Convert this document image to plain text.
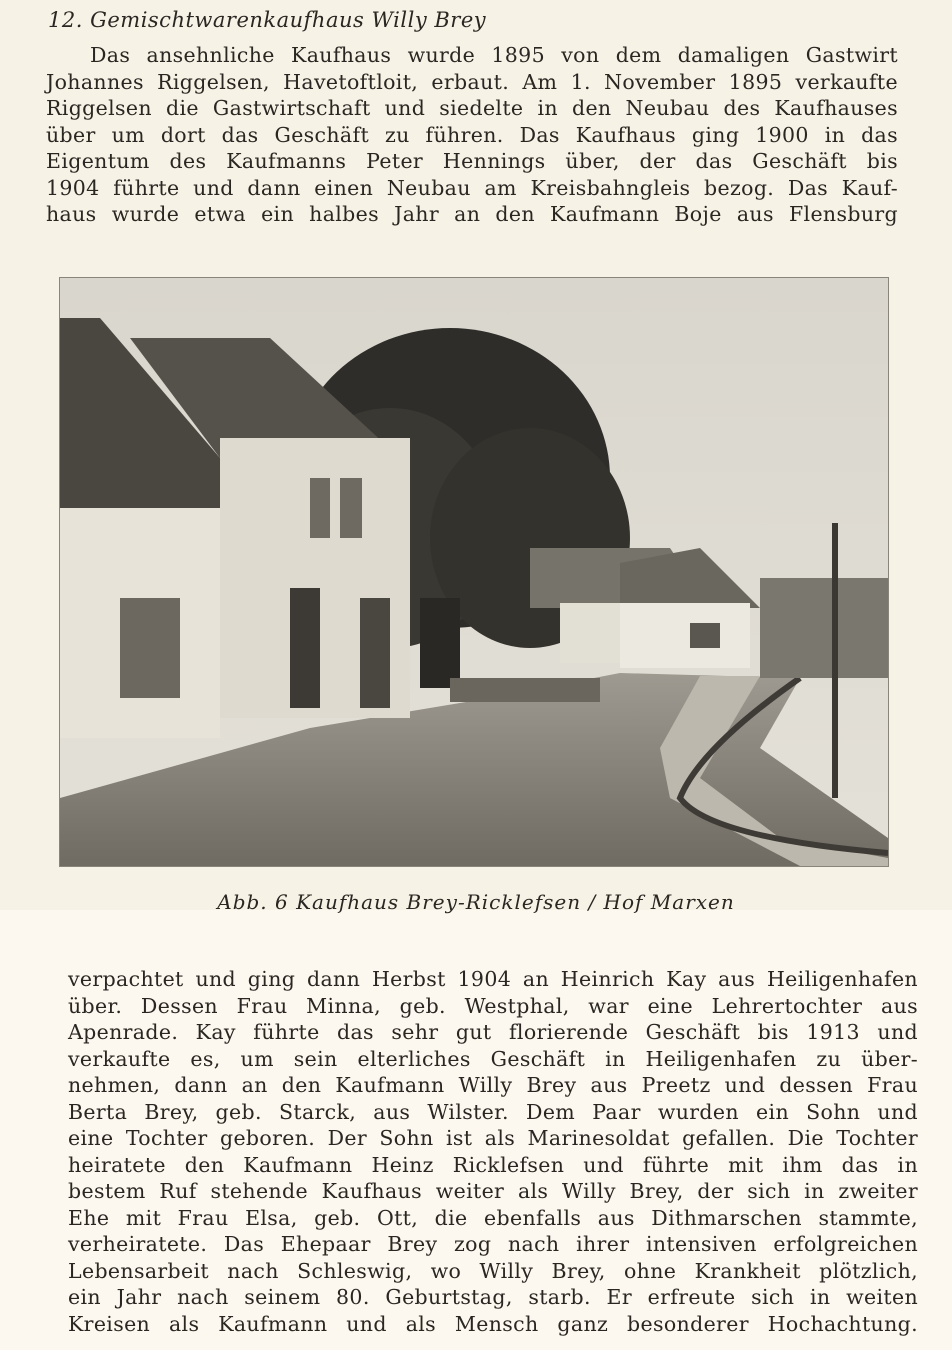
12. Gemischtwarenkaufhaus Willy Brey
Das ansehnliche Kaufhaus wurde 1895 von dem damaligen Gastwirt
Johannes Riggelsen, Havetoftloit, erbaut. Am 1. November 1895 verkaufte
Riggelsen die Gastwirtschaft und siedelte in den Neubau des Kaufhauses
über um dort das Geschäft zu führen. Das Kaufhaus ging 1900 in das
Eigentum des Kaufmanns Peter Hennings über, der das Geschäft bis
1904 führte und dann einen Neubau am Kreisbahngleis bezog. Das Kauf-
haus wurde etwa ein halbes Jahr an den Kaufmann Boje aus Flensburg
Abb. 6 Kaufhaus Brey-Ricklefsen / Hof Marxen
verpachtet und ging dann Herbst 1904 an Heinrich Kay aus Heiligenhafen
über. Dessen Frau Minna, geb. Westphal, war eine Lehrertochter aus
Apenrade. Kay führte das sehr gut florierende Geschäft bis 1913 und
verkaufte es, um sein elterliches Geschäft in Heiligenhafen zu über-
nehmen, dann an den Kaufmann Willy Brey aus Preetz und dessen Frau
Berta Brey, geb. Starck, aus Wilster. Dem Paar wurden ein Sohn und
eine Tochter geboren. Der Sohn ist als Marinesoldat gefallen. Die Tochter
heiratete den Kaufmann Heinz Ricklefsen und führte mit ihm das in
bestem Ruf stehende Kaufhaus weiter als Willy Brey, der sich in zweiter
Ehe mit Frau Elsa, geb. Ott, die ebenfalls aus Dithmarschen stammte,
verheiratete. Das Ehepaar Brey zog nach ihrer intensiven erfolgreichen
Lebensarbeit nach Schleswig, wo Willy Brey, ohne Krankheit plötzlich,
ein Jahr nach seinem 80. Geburtstag, starb. Er erfreute sich in weiten
Kreisen als Kaufmann und als Mensch ganz besonderer Hochachtung.
